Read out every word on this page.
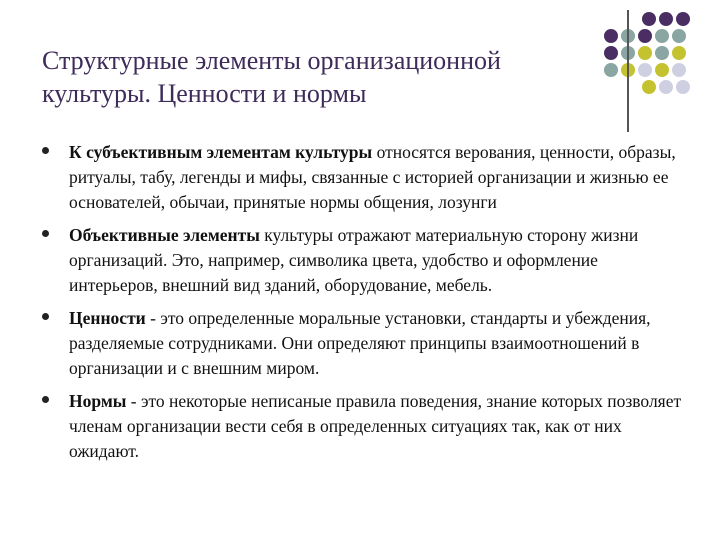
Структурные элементы организационной культуры. Ценности и нормы
К субъективным элементам культуры относятся верования, ценности, образы, ритуалы, табу, легенды и мифы, связанные с историей организации и жизнью ее основателей, обычаи, принятые нормы общения, лозунги
Объективные элементы культуры отражают материальную сторону жизни организаций. Это, например, символика цвета, удобство и оформление интерьеров, внешний вид зданий, оборудование, мебель.
Ценности - это определенные моральные установки, стандарты и убеждения, разделяемые сотрудниками. Они определяют принципы взаимоотношений в организации и с внешним миром.
Нормы - это некоторые неписаные правила поведения, знание которых позволяет членам организации вести себя в определенных ситуациях так, как от них ожидают.
